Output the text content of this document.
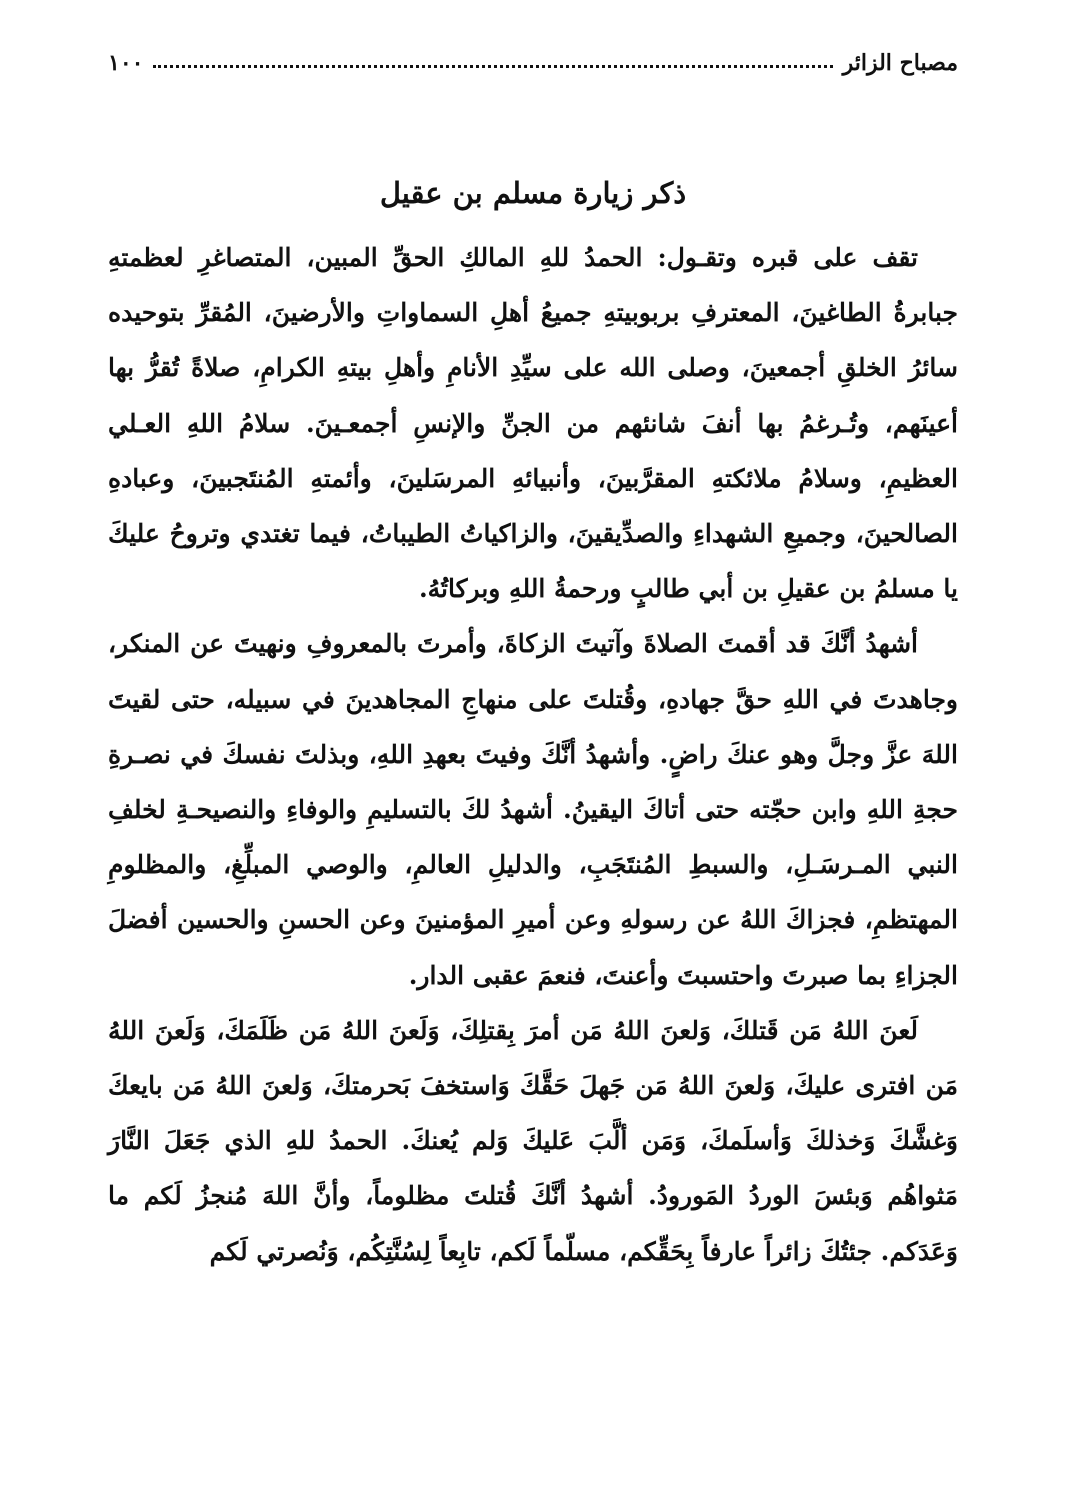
مصباح الزائر
١٠٠
ذكر زيارة مسلم بن عقيل

تقف على قبره وتقـول: الحمدُ للهِ المالكِ الحقِّ المبين، المتصاغرِ لعظمتهِ جبابرةُ الطاغينَ، المعترفِ بربوبيتهِ جميعُ أهلِ السماواتِ والأرضينَ، المُقرِّ بتوحيده سائرُ الخلقِ أجمعينَ، وصلى الله على سيِّدِ الأنامِ وأهلِ بيتهِ الكرامِ، صلاةً تُقرُّ بها أعينَهم، وتُـرغمُ بها أنفَ شانئهم من الجنِّ والإنسِ أجمعـينَ. سلامُ اللهِ العـلي العظيمِ، وسلامُ ملائكتهِ المقرَّبينَ، وأنبيائهِ المرسَلينَ، وأئمتهِ المُنتَجبينَ، وعبادهِ الصالحينَ، وجميعِ الشهداءِ والصدِّيقينَ، والزاكياتُ الطيباتُ، فيما تغتدي وتروحُ عليكَ يا مسلمُ بن عقيلِ بن أبي طالبٍ ورحمةُ اللهِ وبركاتُهُ.

أشهدُ أنَّكَ قد أقمتَ الصلاةَ وآتيتَ الزكاةَ، وأمرتَ بالمعروفِ ونهيتَ عن المنكر، وجاهدتَ في اللهِ حقَّ جهادهِ، وقُتلتَ على منهاجِ المجاهدينَ في سبيله، حتى لقيتَ اللهَ عزَّ وجلَّ وهو عنكَ راضٍ. وأشهدُ أنَّكَ وفيتَ بعهدِ اللهِ، وبذلتَ نفسكَ في نصـرةِ حجةِ اللهِ وابن حجّته حتى أتاكَ اليقينُ. أشهدُ لكَ بالتسليمِ والوفاءِ والنصيحـةِ لخلفِ النبي المـرسَـلِ، والسبطِ المُنتَجَبِ، والدليلِ العالمِ، والوصي المبلِّغِ، والمظلومِ المهتظمِ، فجزاكَ اللهُ عن رسولهِ وعن أميرِ المؤمنينَ وعن الحسنِ والحسين أفضلَ الجزاءِ بما صبرتَ واحتسبتَ وأعنتَ، فنعمَ عقبى الدار.

لَعنَ اللهُ مَن قَتلكَ، وَلعنَ اللهُ مَن أمرَ بِقتلِكَ، وَلَعنَ اللهُ مَن ظَلَمَكَ، وَلَعنَ اللهُ مَن افترى عليكَ، وَلعنَ اللهُ مَن جَهلَ حَقَّكَ وَاستخفَ بَحرمتكَ، وَلعنَ اللهُ مَن بايعكَ وَغشَّكَ وَخذلكَ وَأسلَمكَ، وَمَن ألَّبَ عَليكَ وَلم يُعنكَ. الحمدُ للهِ الذي جَعَلَ النَّارَ مَثواهُم وَبئسَ الوردُ المَورودُ. أشهدُ أنَّكَ قُتلتَ مظلوماً، وأنَّ اللهَ مُنجزُ لَكم ما وَعَدَكم. جئتُكَ زائراً عارفاً بِحَقِّكم، مسلّماً لَكم، تابِعاً لِسُنَّتِكُم، وَنُصرتي لَكم
